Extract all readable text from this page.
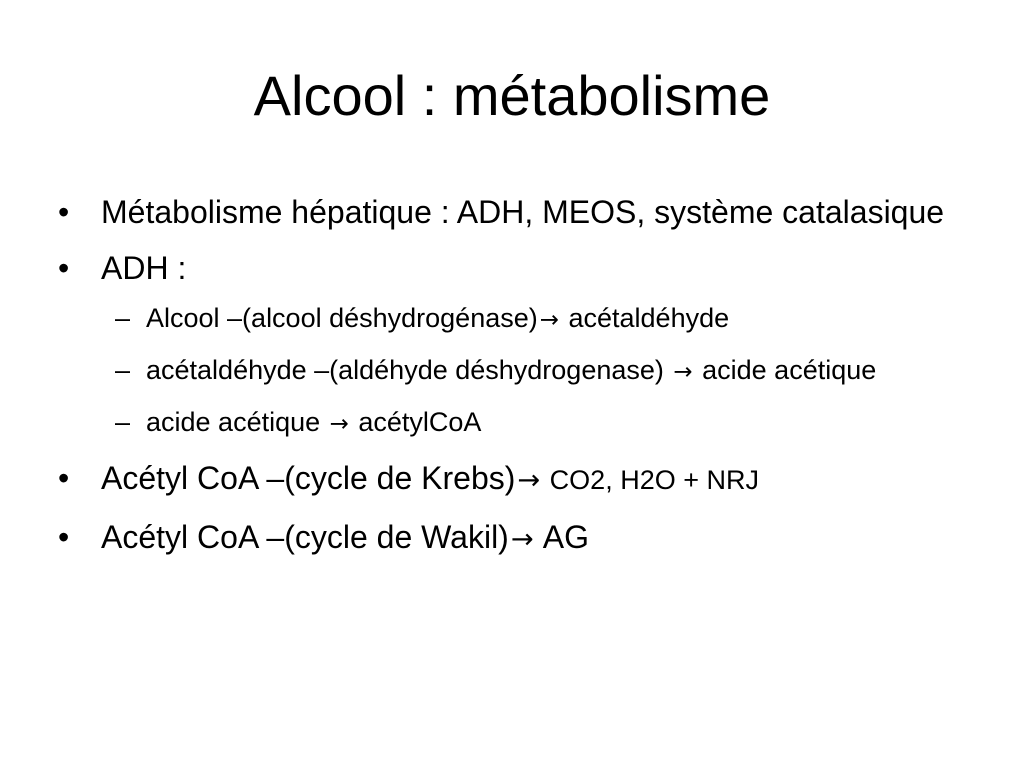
Alcool : métabolisme
• Métabolisme hépatique : ADH, MEOS, système catalasique
• ADH :
– Alcool –(alcool déshydrogénase)→ acétaldéhyde
– acétaldéhyde –(aldéhyde déshydrogenase) → acide acétique
– acide acétique → acétylCoA
• Acétyl CoA –(cycle de Krebs)→ CO2, H2O + NRJ
• Acétyl CoA –(cycle de Wakil)→ AG
